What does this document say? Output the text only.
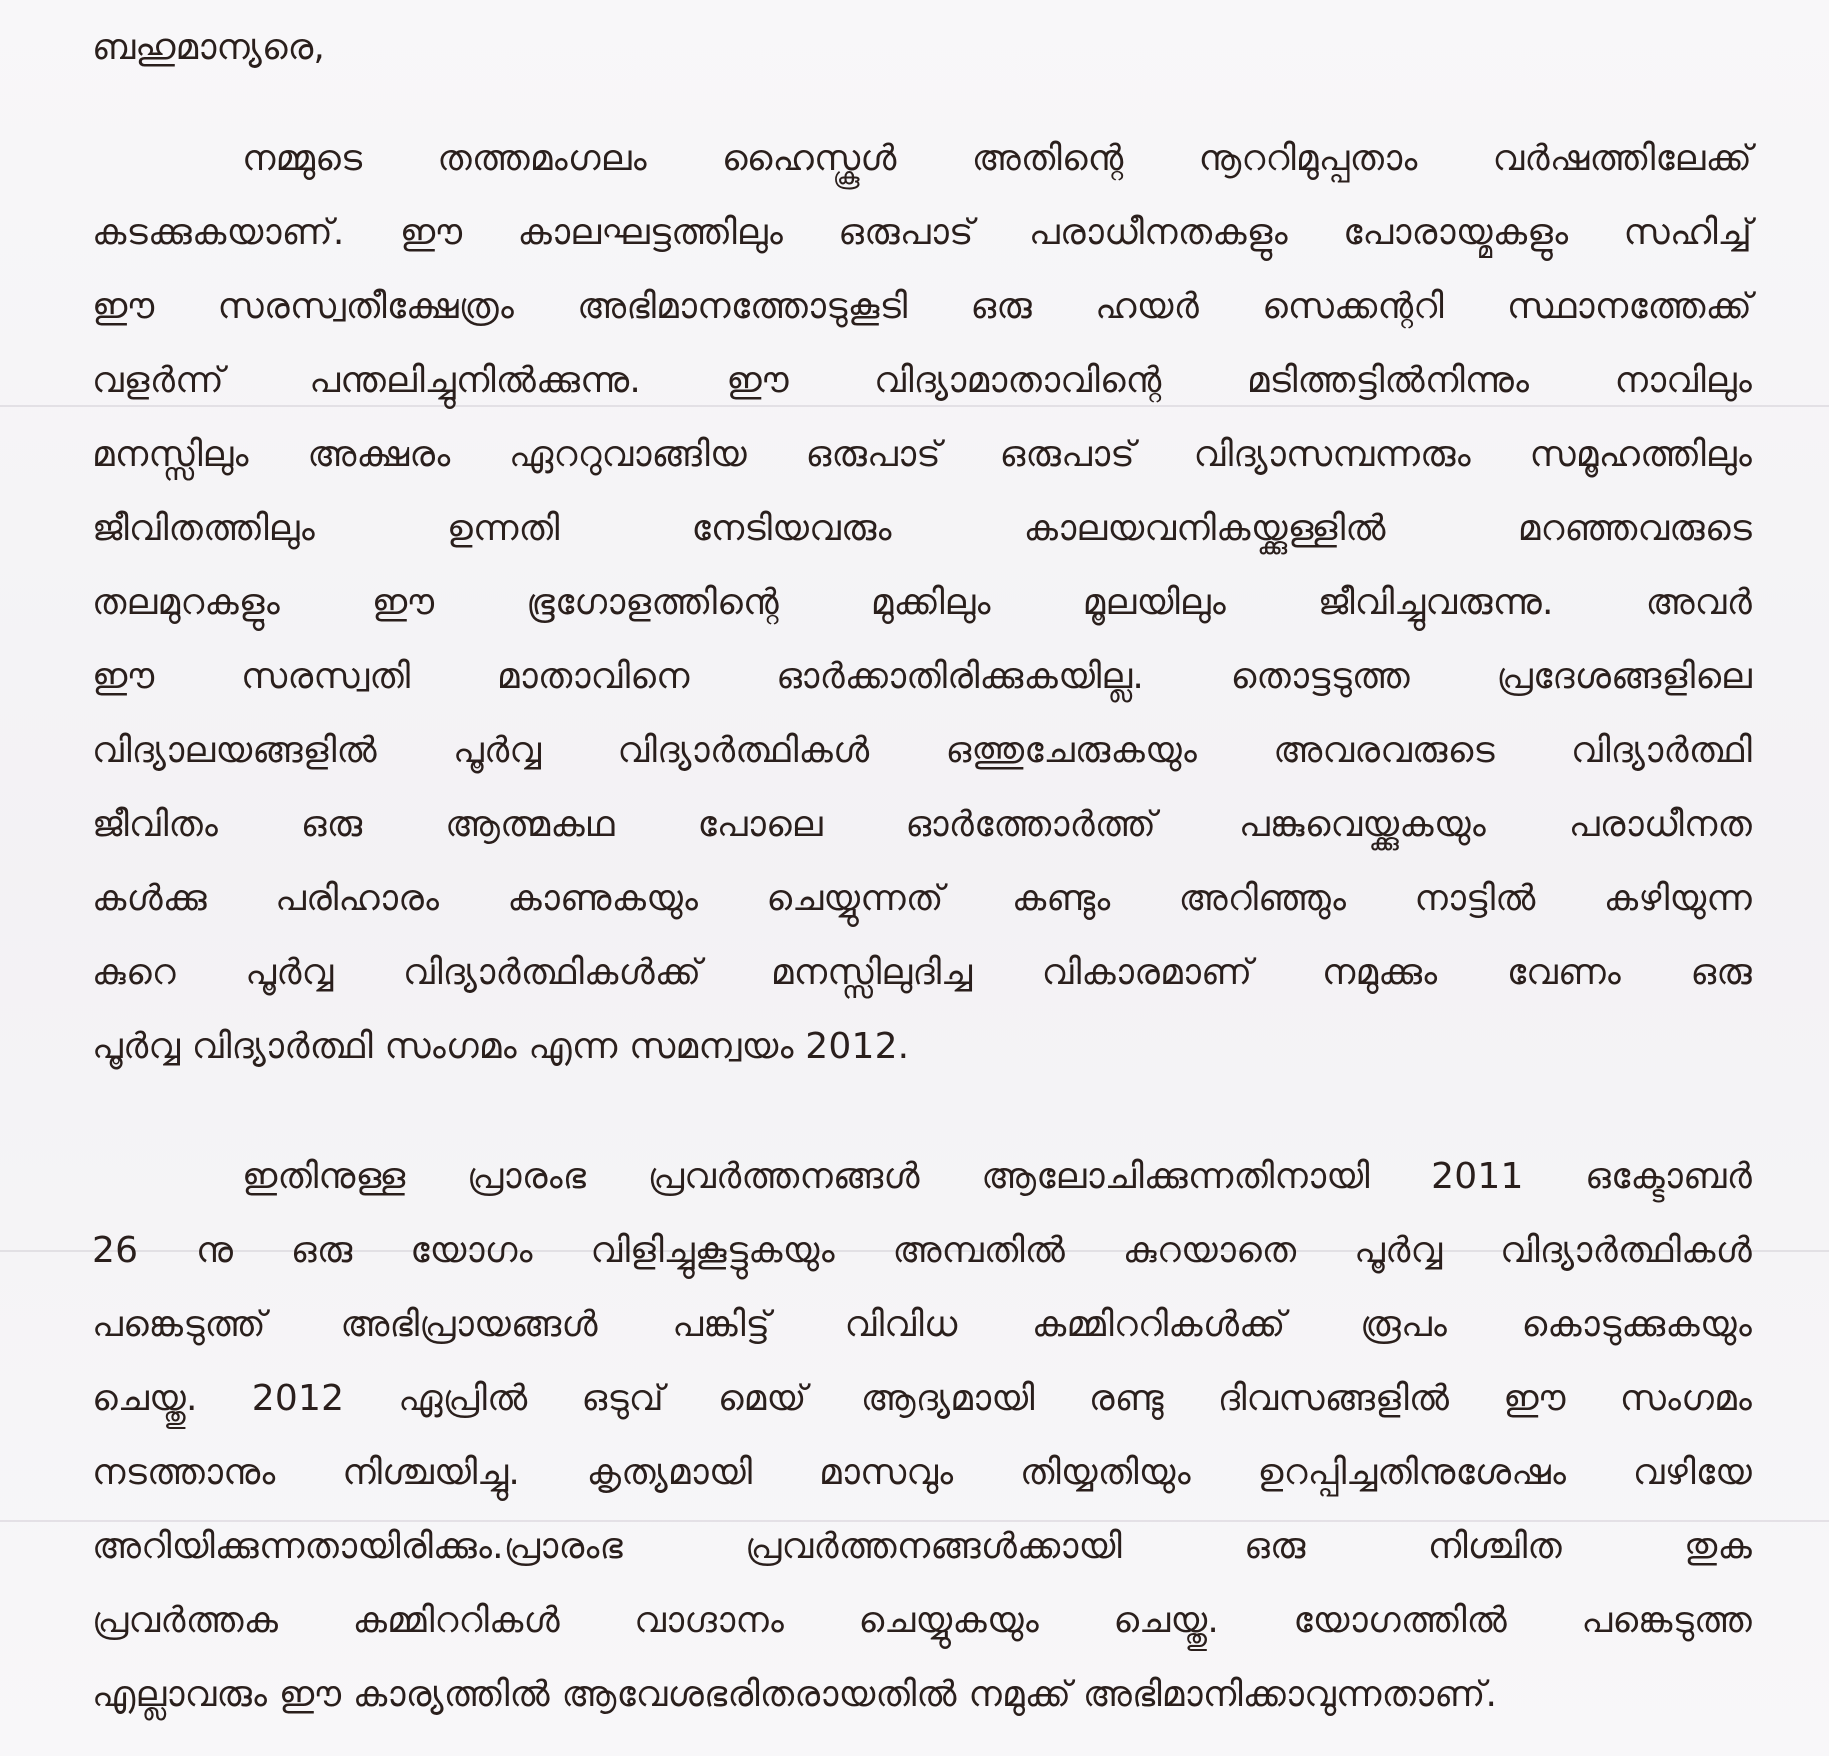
ബഹുമാന്യരെ,

നമ്മുടെ തത്തമംഗലം ഹൈസ്കൂൾ അതിന്റെ നൂററിമുപ്പതാം വർഷത്തിലേക്ക്
കടക്കുകയാണ്. ഈ കാലഘട്ടത്തിലും ഒരുപാട് പരാധീനതകളും പോരായ്മകളും സഹിച്ച്
ഈ സരസ്വതീക്ഷേത്രം അഭിമാനത്തോടുകൂടി ഒരു ഹയർ സെക്കന്ററി സ്ഥാനത്തേക്ക്
വളർന്ന് പന്തലിച്ചുനിൽക്കുന്നു. ഈ വിദ്യാമാതാവിന്റെ മടിത്തട്ടിൽനിന്നും നാവിലും
മനസ്സിലും അക്ഷരം ഏററുവാങ്ങിയ ഒരുപാട് ഒരുപാട് വിദ്യാസമ്പന്നരും സമൂഹത്തിലും
ജീവിതത്തിലും ഉന്നതി നേടിയവരും കാലയവനികയ്ക്കുള്ളിൽ മറഞ്ഞവരുടെ
തലമുറകളും ഈ ഭൂഗോളത്തിന്റെ മുക്കിലും മൂലയിലും ജീവിച്ചുവരുന്നു. അവർ
ഈ സരസ്വതി മാതാവിനെ ഓർക്കാതിരിക്കുകയില്ല. തൊട്ടടുത്ത പ്രദേശങ്ങളിലെ
വിദ്യാലയങ്ങളിൽ പൂർവ്വ വിദ്യാർത്ഥികൾ ഒത്തുചേരുകയും അവരവരുടെ വിദ്യാർത്ഥി
ജീവിതം ഒരു ആത്മകഥ പോലെ ഓർത്തോർത്ത് പങ്കുവെയ്ക്കുകയും പരാധീനത
കൾക്കു പരിഹാരം കാണുകയും ചെയ്യുന്നത് കണ്ടും അറിഞ്ഞും നാട്ടിൽ കഴിയുന്ന
കുറെ പൂർവ്വ വിദ്യാർത്ഥികൾക്ക് മനസ്സിലുദിച്ച വികാരമാണ് നമുക്കും വേണം ഒരു
പൂർവ്വ വിദ്യാർത്ഥി സംഗമം എന്ന സമന്വയം 2012.
ഇതിനുള്ള പ്രാരംഭ പ്രവർത്തനങ്ങൾ ആലോചിക്കുന്നതിനായി 2011 ഒക്ടോബർ
26 നു ഒരു യോഗം വിളിച്ചുകൂട്ടുകയും അമ്പതിൽ കുറയാതെ പൂർവ്വ വിദ്യാർത്ഥികൾ
പങ്കെടുത്ത് അഭിപ്രായങ്ങൾ പങ്കിട്ട് വിവിധ കമ്മിററികൾക്ക് രൂപം കൊടുക്കുകയും
ചെയ്തു. 2012 ഏപ്രിൽ ഒടുവ് മെയ് ആദ്യമായി രണ്ടു ദിവസങ്ങളിൽ ഈ സംഗമം
നടത്താനും നിശ്ചയിച്ചു. കൃത്യമായി മാസവും തിയ്യതിയും ഉറപ്പിച്ചതിനുശേഷം വഴിയേ
അറിയിക്കുന്നതായിരിക്കും.പ്രാരംഭ പ്രവർത്തനങ്ങൾക്കായി ഒരു നിശ്ചിത തുക
പ്രവർത്തക കമ്മിററികൾ വാഗ്ദാനം ചെയ്യുകയും ചെയ്തു. യോഗത്തിൽ പങ്കെടുത്ത
എല്ലാവരും ഈ കാര്യത്തിൽ ആവേശഭരിതരായതിൽ നമുക്ക് അഭിമാനിക്കാവുന്നതാണ്.
